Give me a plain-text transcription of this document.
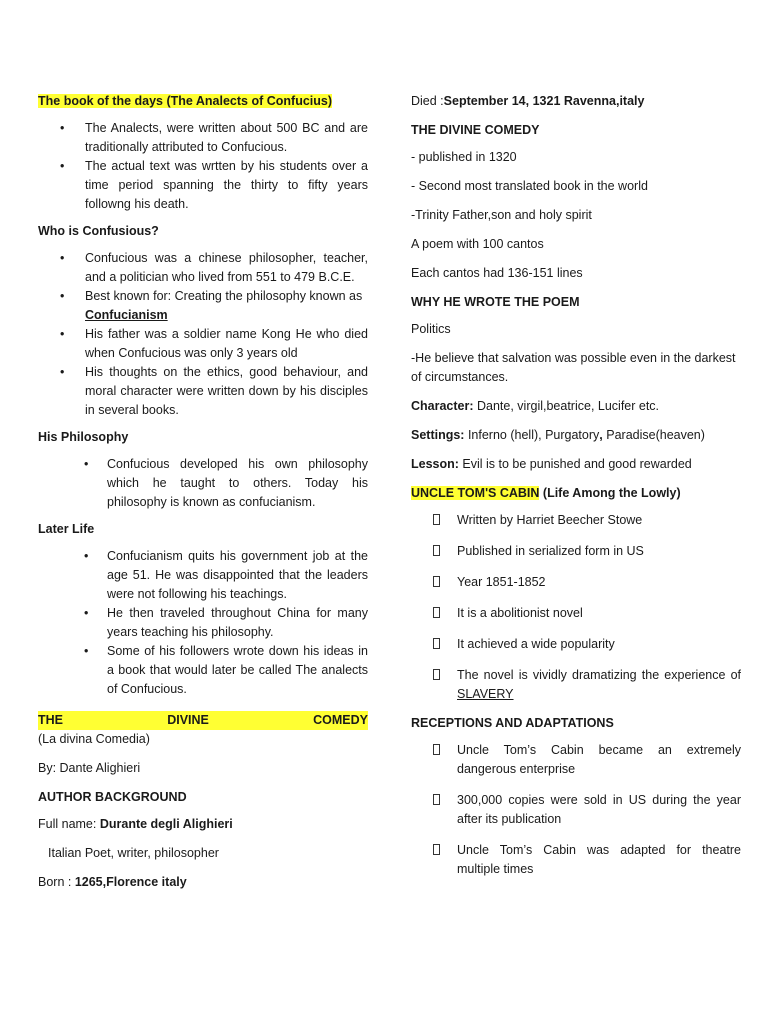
The book of the days (The Analects of Confucius)

• The Analects, were written about 500 BC and are traditionally attributed to Confucious.
• The actual text was wrtten by his students over a time period spanning the thirty to fifty years followng his death.

Who is Confusious?

• Confucious was a chinese philosopher, teacher, and a politician who lived from 551 to 479 B.C.E.
• Best known for: Creating the philosophy known as Confucianism
• His father was a soldier name Kong He who died when Confucious was only 3 years old
• His thoughts on the ethics, good behaviour, and moral character were written down by his disciples in several books.

His Philosophy

• Confucious developed his own philosophy which he taught to others. Today his philosophy is known as confucianism.

Later Life

• Confucianism quits his government job at the age 51. He was disappointed that the leaders were not following his teachings.
• He then traveled throughout China for many years teaching his philosophy.
• Some of his followers wrote down his ideas in a book that would later be called The analects of Confucious.
THE	DIVINE	COMEDY

(La divina Comedia)

By: Dante Alighieri

AUTHOR BACKGROUND

Full name: Durante degli Alighieri

Italian Poet, writer, philosopher

Born : 1265,Florence italy

Died :September 14, 1321 Ravenna,italy

THE DIVINE COMEDY

- published in 1320

- Second most translated book in the world

-Trinity Father,son and holy spirit

A poem with 100 cantos

Each cantos had 136-151 lines

WHY HE WROTE THE POEM

Politics

-He believe that salvation was possible even in the darkest of circumstances.

Character: Dante, virgil,beatrice, Lucifer etc.

Settings: Inferno (hell), Purgatory, Paradise(heaven)

Lesson: Evil is to be punished and good rewarded

UNCLE TOM'S CABIN (Life Among the Lowly)

Written by Harriet Beecher Stowe
Published in serialized form in US
Year 1851-1852
It is a abolitionist novel
It achieved a wide popularity
The novel is vividly dramatizing the experience of SLAVERY

RECEPTIONS AND ADAPTATIONS

Uncle Tom’s Cabin became an extremely dangerous enterprise
300,000 copies were sold in US during the year after its publication
Uncle Tom’s Cabin was adapted for theatre multiple times
